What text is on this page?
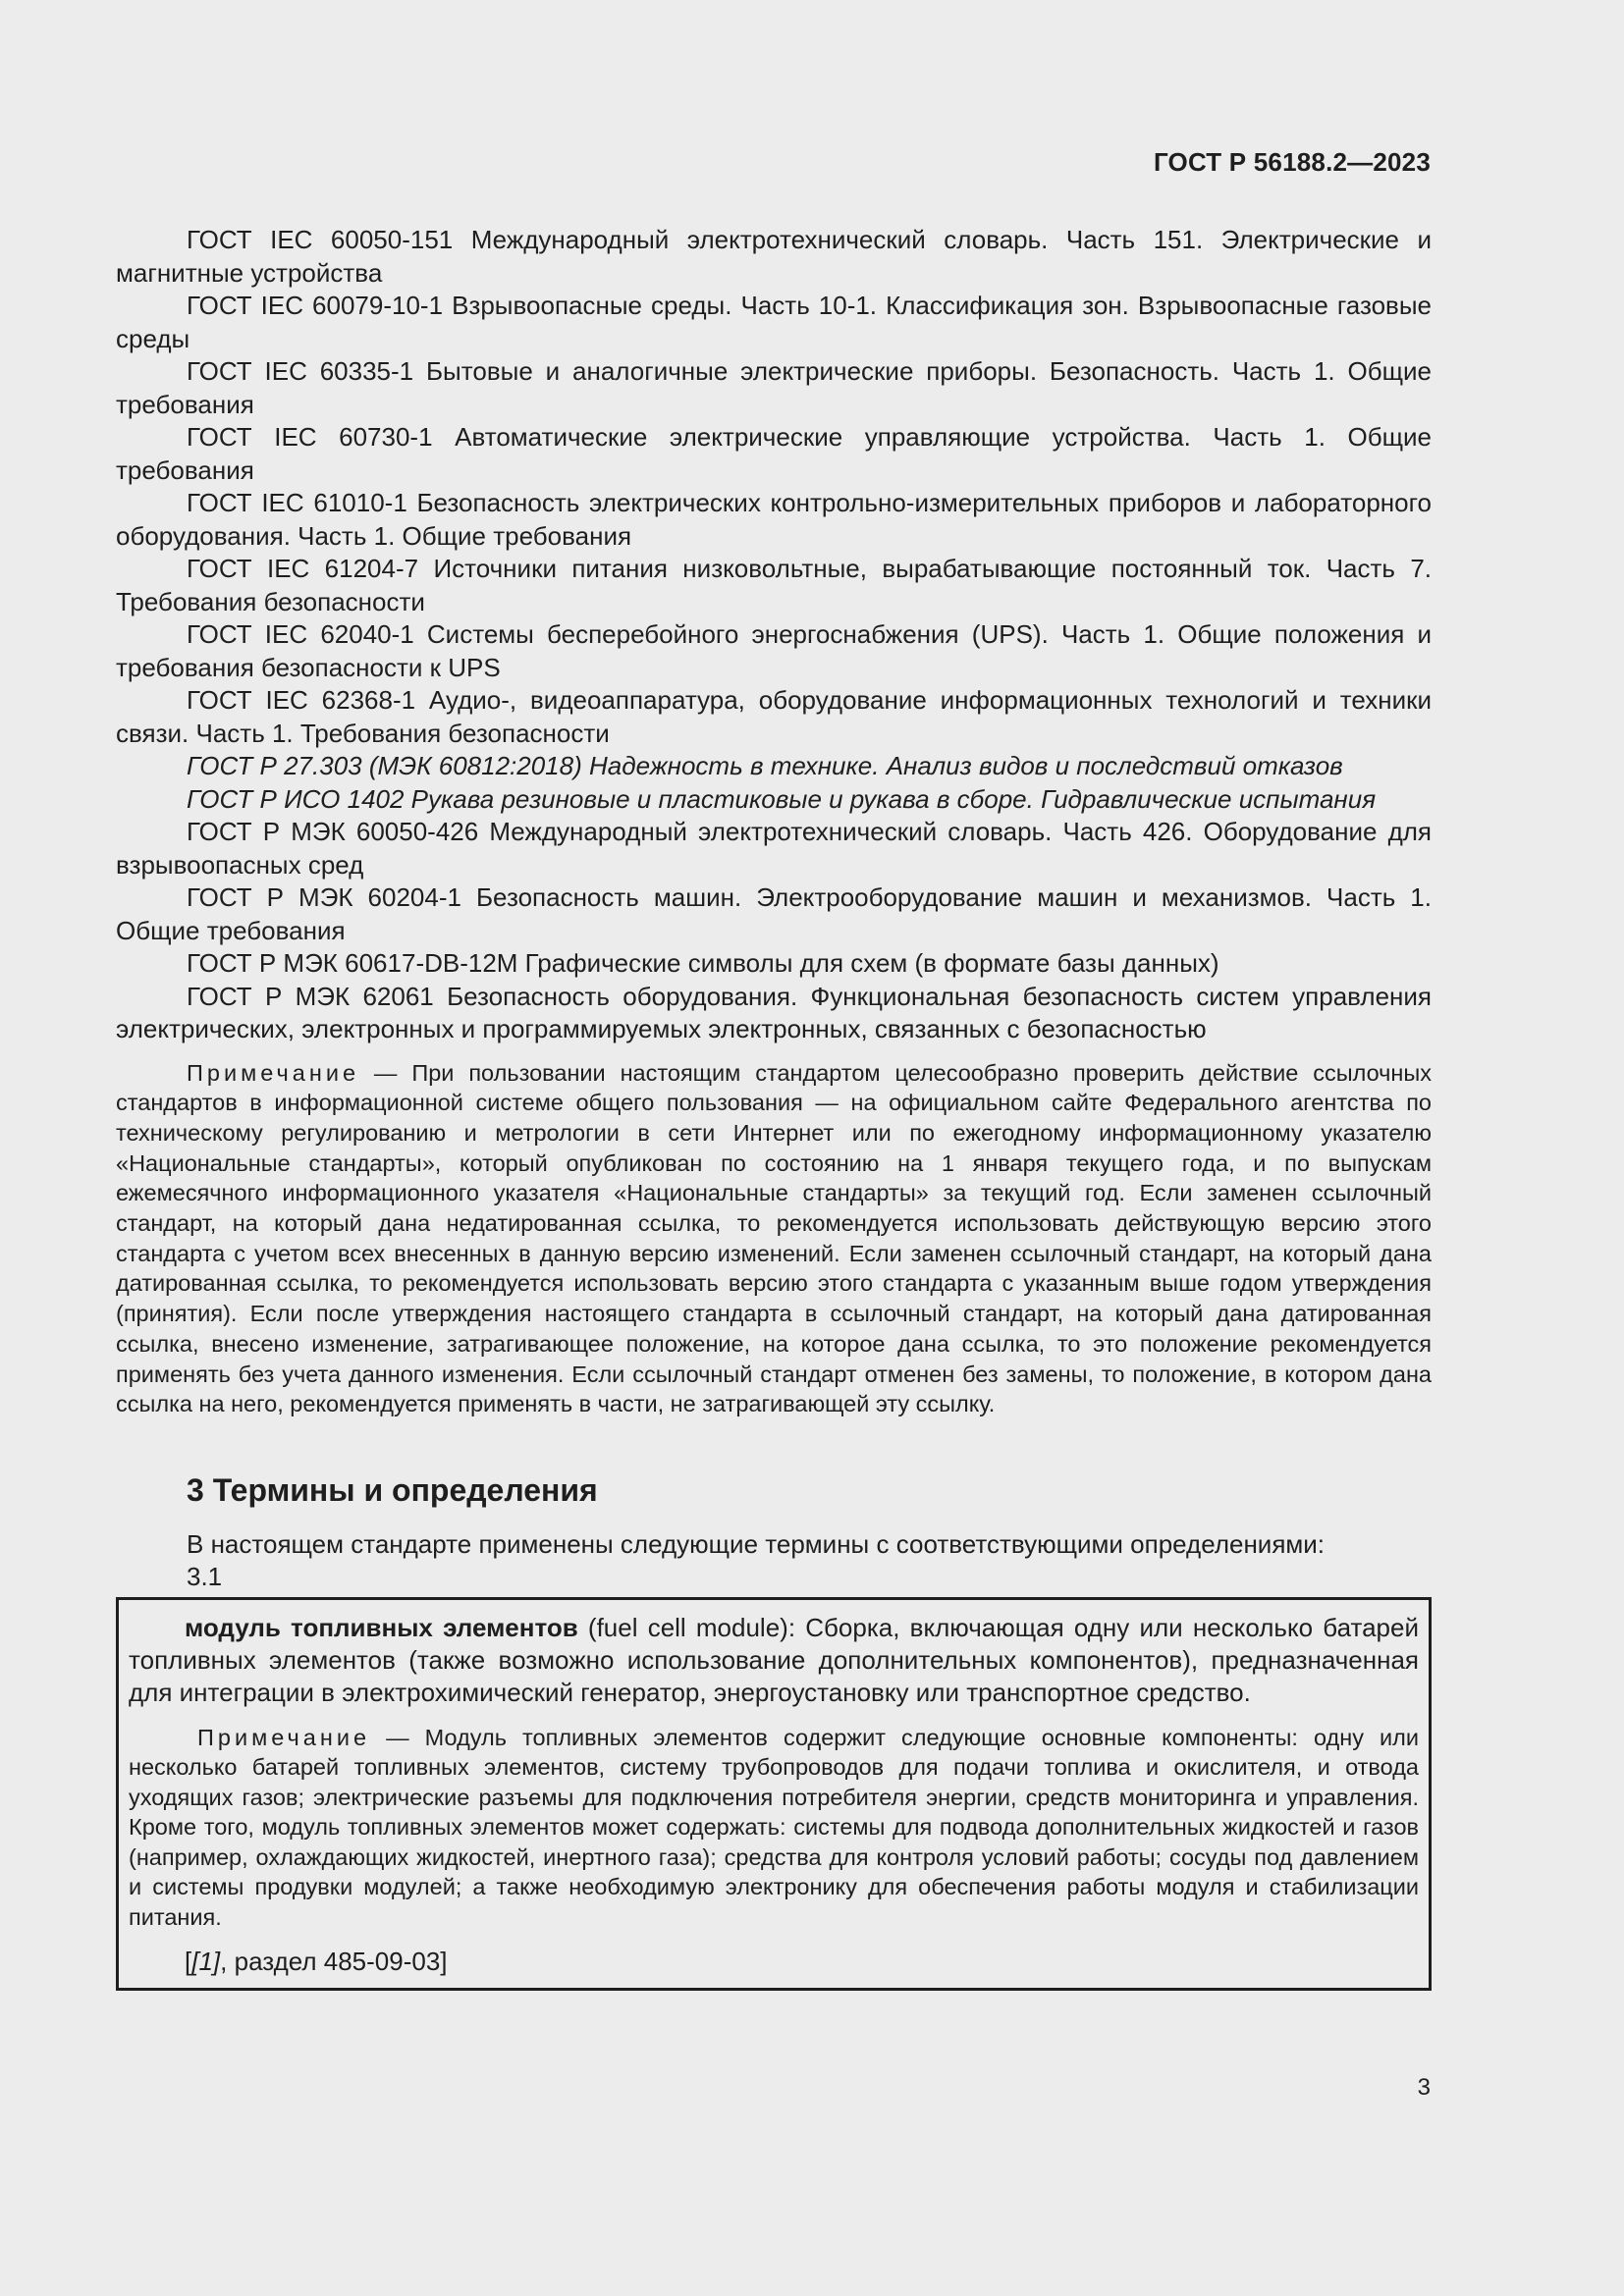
ГОСТ Р 56188.2—2023

ГОСТ IEC 60050-151 Международный электротехнический словарь. Часть 151. Электрические и магнитные устройства

ГОСТ IEC 60079-10-1 Взрывоопасные среды. Часть 10-1. Классификация зон. Взрывоопасные газовые среды

ГОСТ IEC 60335-1 Бытовые и аналогичные электрические приборы. Безопасность. Часть 1. Общие требования

ГОСТ IEC 60730-1 Автоматические электрические управляющие устройства. Часть 1. Общие требования

ГОСТ IEC 61010-1 Безопасность электрических контрольно-измерительных приборов и лабораторного оборудования. Часть 1. Общие требования

ГОСТ IEC 61204-7 Источники питания низковольтные, вырабатывающие постоянный ток. Часть 7. Требования безопасности

ГОСТ IEC 62040-1 Системы бесперебойного энергоснабжения (UPS). Часть 1. Общие положения и требования безопасности к UPS

ГОСТ IEC 62368-1 Аудио-, видеоаппаратура, оборудование информационных технологий и техники связи. Часть 1. Требования безопасности

ГОСТ Р 27.303 (МЭК 60812:2018) Надежность в технике. Анализ видов и последствий отказов

ГОСТ Р ИСО 1402 Рукава резиновые и пластиковые и рукава в сборе. Гидравлические испытания

ГОСТ Р МЭК 60050-426 Международный электротехнический словарь. Часть 426. Оборудование для взрывоопасных сред

ГОСТ Р МЭК 60204-1 Безопасность машин. Электрооборудование машин и механизмов. Часть 1. Общие требования

ГОСТ Р МЭК 60617-DB-12M Графические символы для схем (в формате базы данных)

ГОСТ Р МЭК 62061 Безопасность оборудования. Функциональная безопасность систем управления электрических, электронных и программируемых электронных, связанных с безопасностью

Примечание — При пользовании настоящим стандартом целесообразно проверить действие ссылочных стандартов в информационной системе общего пользования — на официальном сайте Федерального агентства по техническому регулированию и метрологии в сети Интернет или по ежегодному информационному указателю «Национальные стандарты», который опубликован по состоянию на 1 января текущего года, и по выпускам ежемесячного информационного указателя «Национальные стандарты» за текущий год. Если заменен ссылочный стандарт, на который дана недатированная ссылка, то рекомендуется использовать действующую версию этого стандарта с учетом всех внесенных в данную версию изменений. Если заменен ссылочный стандарт, на который дана датированная ссылка, то рекомендуется использовать версию этого стандарта с указанным выше годом утверждения (принятия). Если после утверждения настоящего стандарта в ссылочный стандарт, на который дана датированная ссылка, внесено изменение, затрагивающее положение, на которое дана ссылка, то это положение рекомендуется применять без учета данного изменения. Если ссылочный стандарт отменен без замены, то положение, в котором дана ссылка на него, рекомендуется применять в части, не затрагивающей эту ссылку.

3 Термины и определения

В настоящем стандарте применены следующие термины с соответствующими определениями:

3.1

модуль топливных элементов (fuel cell module): Сборка, включающая одну или несколько батарей топливных элементов (также возможно использование дополнительных компонентов), предназначенная для интеграции в электрохимический генератор, энергоустановку или транспортное средство.

Примечание — Модуль топливных элементов содержит следующие основные компоненты: одну или несколько батарей топливных элементов, систему трубопроводов для подачи топлива и окислителя, и отвода уходящих газов; электрические разъемы для подключения потребителя энергии, средств мониторинга и управления. Кроме того, модуль топливных элементов может содержать: системы для подвода дополнительных жидкостей и газов (например, охлаждающих жидкостей, инертного газа); средства для контроля условий работы; сосуды под давлением и системы продувки модулей; а также необходимую электронику для обеспечения работы модуля и стабилизации питания.

[[1], раздел 485-09-03]

3
